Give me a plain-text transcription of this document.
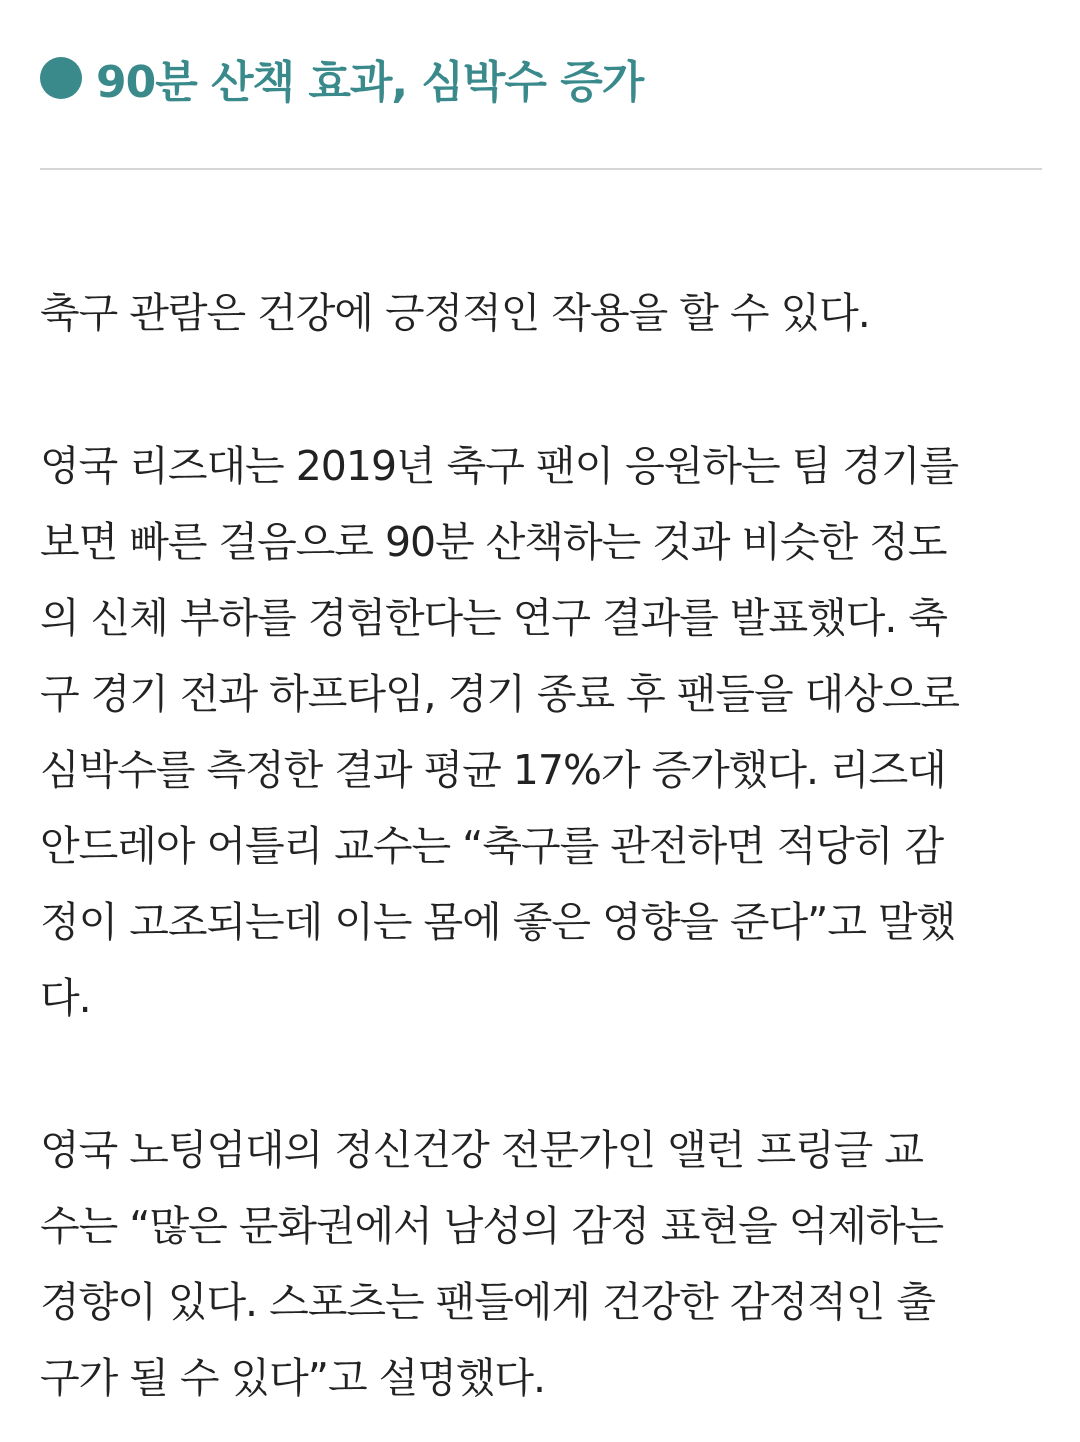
90분 산책 효과, 심박수 증가

축구 관람은 건강에 긍정적인 작용을 할 수 있다.

영국 리즈대는 2019년 축구 팬이 응원하는 팀 경기를
보면 빠른 걸음으로 90분 산책하는 것과 비슷한 정도
의 신체 부하를 경험한다는 연구 결과를 발표했다. 축
구 경기 전과 하프타임, 경기 종료 후 팬들을 대상으로
심박수를 측정한 결과 평균 17%가 증가했다. 리즈대
안드레아 어틀리 교수는 “축구를 관전하면 적당히 감
정이 고조되는데 이는 몸에 좋은 영향을 준다”고 말했
다.

영국 노팅엄대의 정신건강 전문가인 앨런 프링글 교
수는 “많은 문화권에서 남성의 감정 표현을 억제하는
경향이 있다. 스포츠는 팬들에게 건강한 감정적인 출
구가 될 수 있다”고 설명했다.
